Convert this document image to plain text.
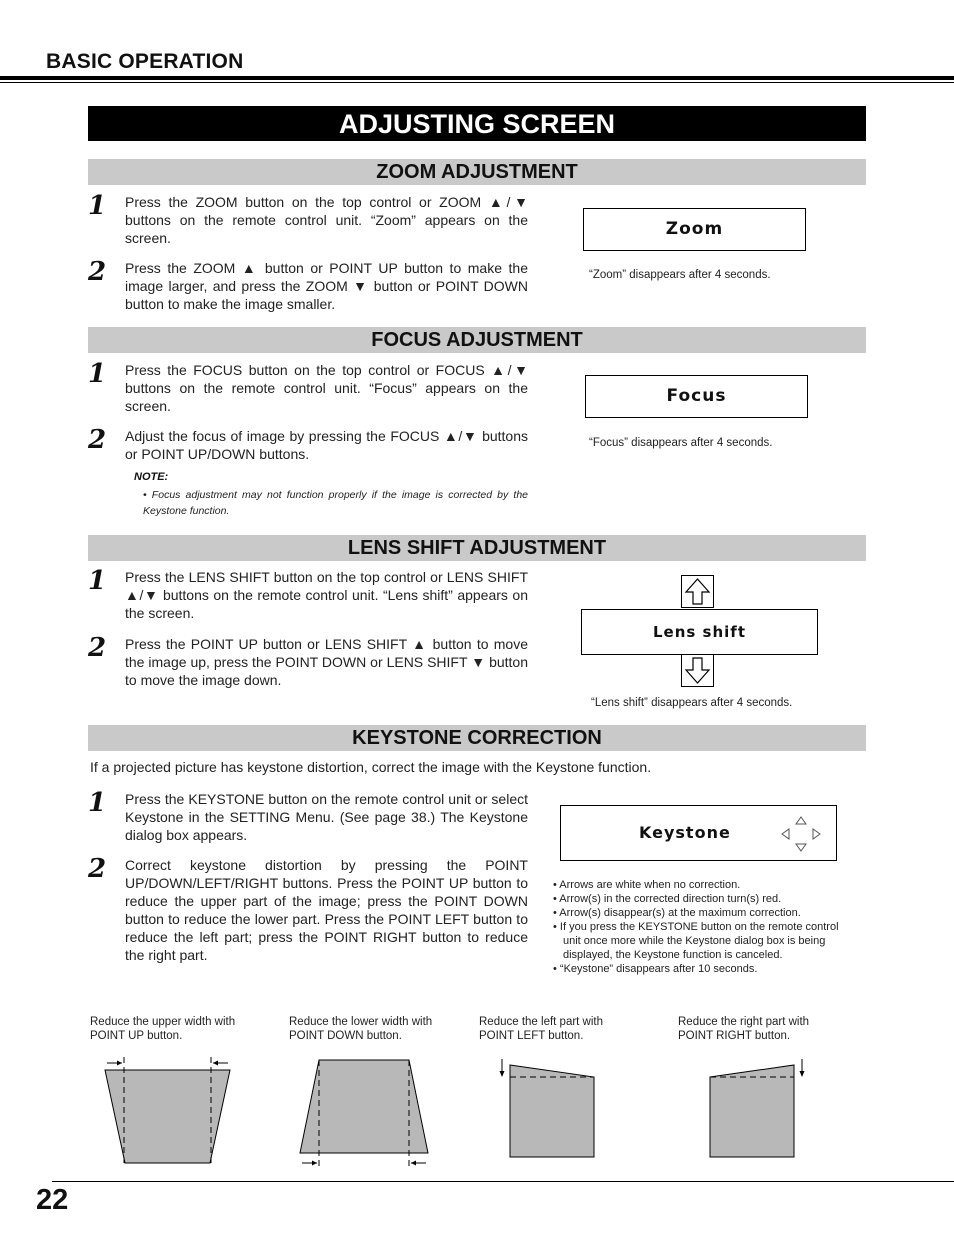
BASIC OPERATION
ADJUSTING SCREEN
ZOOM ADJUSTMENT
1 Press the ZOOM button on the top control or ZOOM ▲/▼ buttons on the remote control unit. “Zoom” appears on the screen.
2 Press the ZOOM ▲ button or POINT UP button to make the image larger, and press the ZOOM ▼ button or POINT DOWN button to make the image smaller.
Zoom
“Zoom” disappears after 4 seconds.
FOCUS ADJUSTMENT
1 Press the FOCUS button on the top control or FOCUS ▲/▼ buttons on the remote control unit. “Focus” appears on the screen.
2 Adjust the focus of image by pressing the FOCUS ▲/▼ buttons or POINT UP/DOWN buttons.
NOTE:
• Focus adjustment may not function properly if the image is corrected by the Keystone function.
Focus
“Focus” disappears after 4 seconds.
LENS SHIFT ADJUSTMENT
1 Press the LENS SHIFT button on the top control or LENS SHIFT ▲/▼ buttons on the remote control unit. “Lens shift” appears on the screen.
2 Press the POINT UP button or LENS SHIFT ▲ button to move the image up, press the POINT DOWN or LENS SHIFT ▼ button to move the image down.
Lens shift
“Lens shift” disappears after 4 seconds.
KEYSTONE CORRECTION
If a projected picture has keystone distortion, correct the image with the Keystone function.
1 Press the KEYSTONE button on the remote control unit or select Keystone in the SETTING Menu. (See page 38.) The Keystone dialog box appears.
2 Correct keystone distortion by pressing the POINT UP/DOWN/LEFT/RIGHT buttons. Press the POINT UP button to reduce the upper part of the image; press the POINT DOWN button to reduce the lower part. Press the POINT LEFT button to reduce the left part; press the POINT RIGHT button to reduce the right part.
Keystone
• Arrows are white when no correction.
• Arrow(s) in the corrected direction turn(s) red.
• Arrow(s) disappear(s) at the maximum correction.
• If you press the KEYSTONE button on the remote control unit once more while the Keystone dialog box is being displayed, the Keystone function is canceled.
• “Keystone” disappears after 10 seconds.
Reduce the upper width with POINT UP button.
Reduce the lower width with POINT DOWN button.
Reduce the left part with POINT LEFT button.
Reduce the right part with POINT RIGHT button.
22
